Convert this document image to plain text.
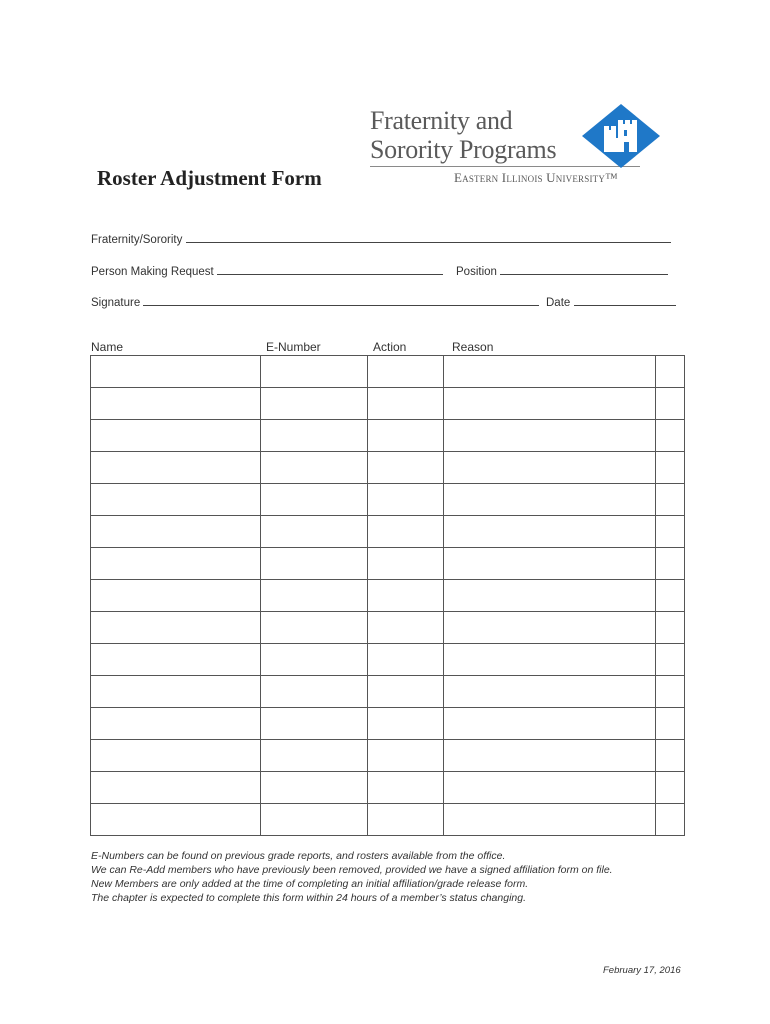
Fraternity and
Sorority Programs
Eastern Illinois University™
Roster Adjustment Form
Fraternity/Sorority
Person Making Request	Position
Signature	Date
Name	E-Number	Action	Reason

E-Numbers can be found on previous grade reports, and rosters available from the office.
We can Re-Add members who have previously been removed, provided we have a signed affiliation form on file.
New Members are only added at the time of completing an initial affiliation/grade release form.
The chapter is expected to complete this form within 24 hours of a member’s status changing.
February 17, 2016
